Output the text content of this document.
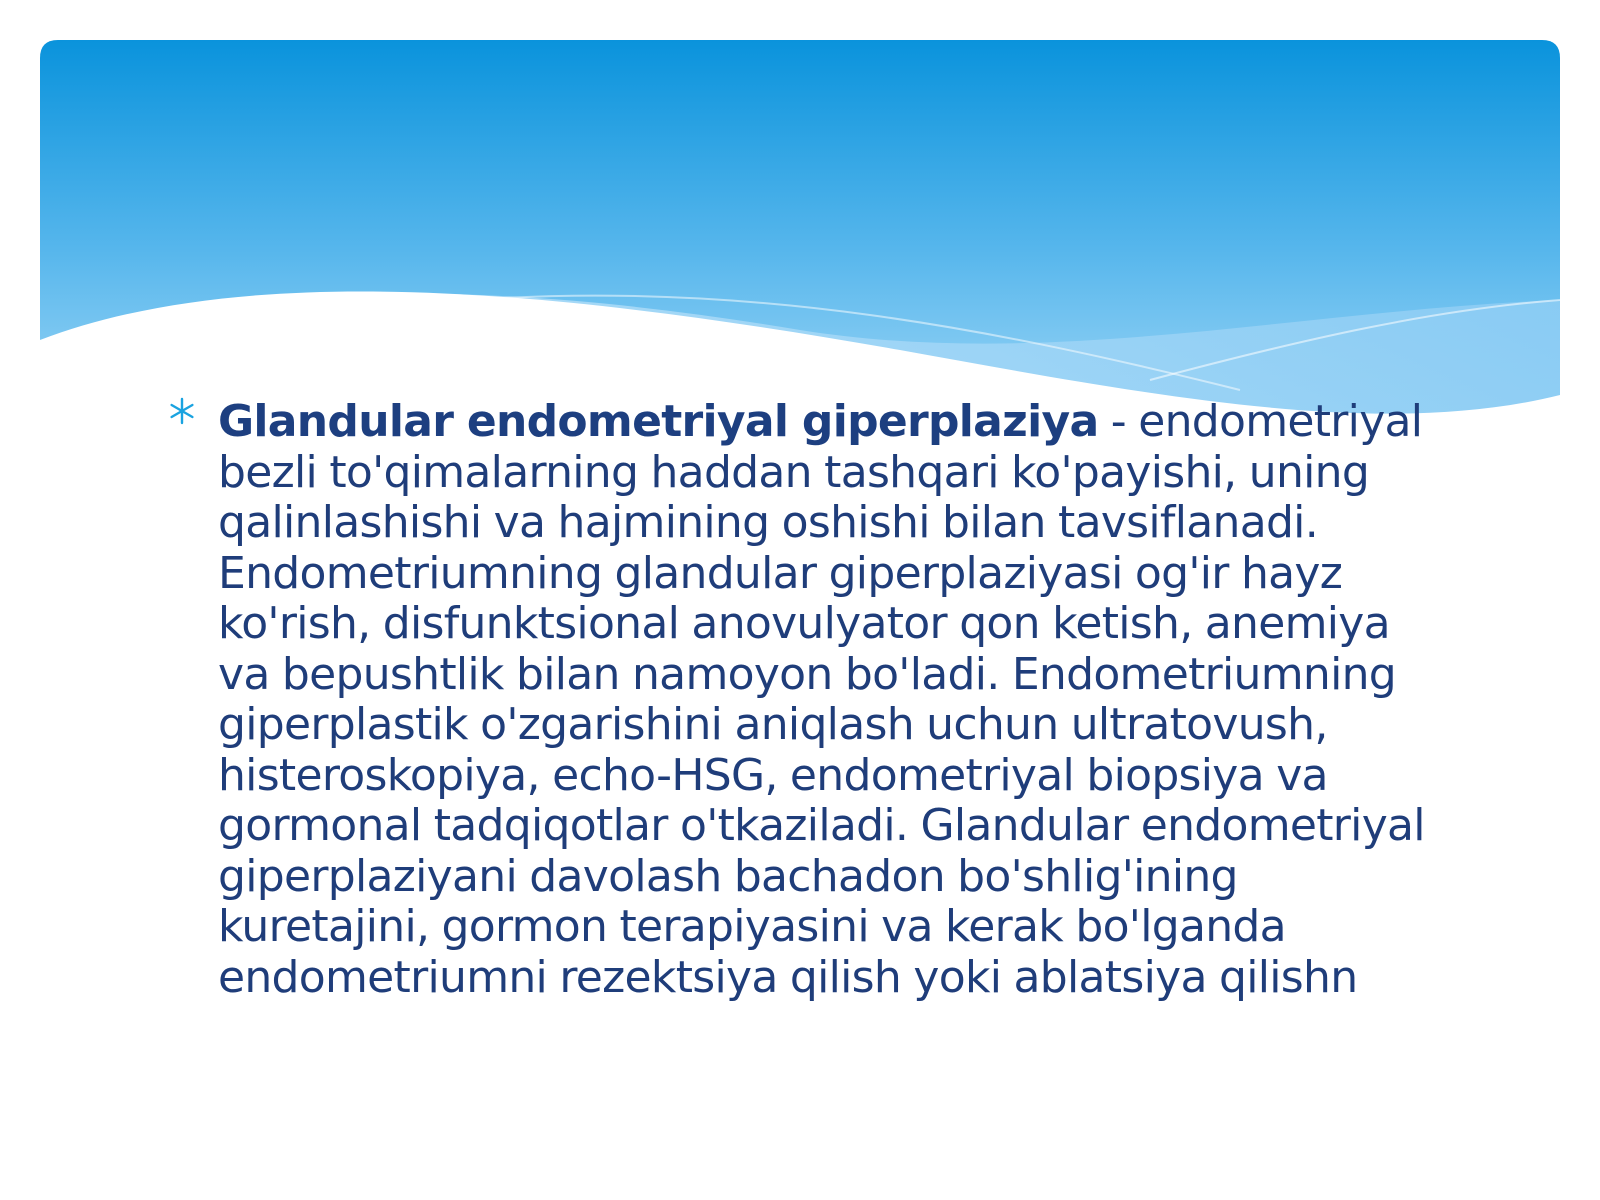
Glandular endometriyal giperplaziya - endometriyal bezli to'qimalarning haddan tashqari ko'payishi, uning qalinlashishi va hajmining oshishi bilan tavsiflanadi. Endometriumning glandular giperplaziyasi og'ir hayz ko'rish, disfunktsional anovulyator qon ketish, anemiya va bepushtlik bilan namoyon bo'ladi. Endometriumning giperplastik o'zgarishini aniqlash uchun ultratovush, histeroskopiya, echo-HSG, endometriyal biopsiya va gormonal tadqiqotlar o'tkaziladi. Glandular endometriyal giperplaziyani davolash bachadon bo'shlig'ining kuretajini, gormon terapiyasini va kerak bo'lganda endometriumni rezektsiya qilish yoki ablatsiya qilishn
